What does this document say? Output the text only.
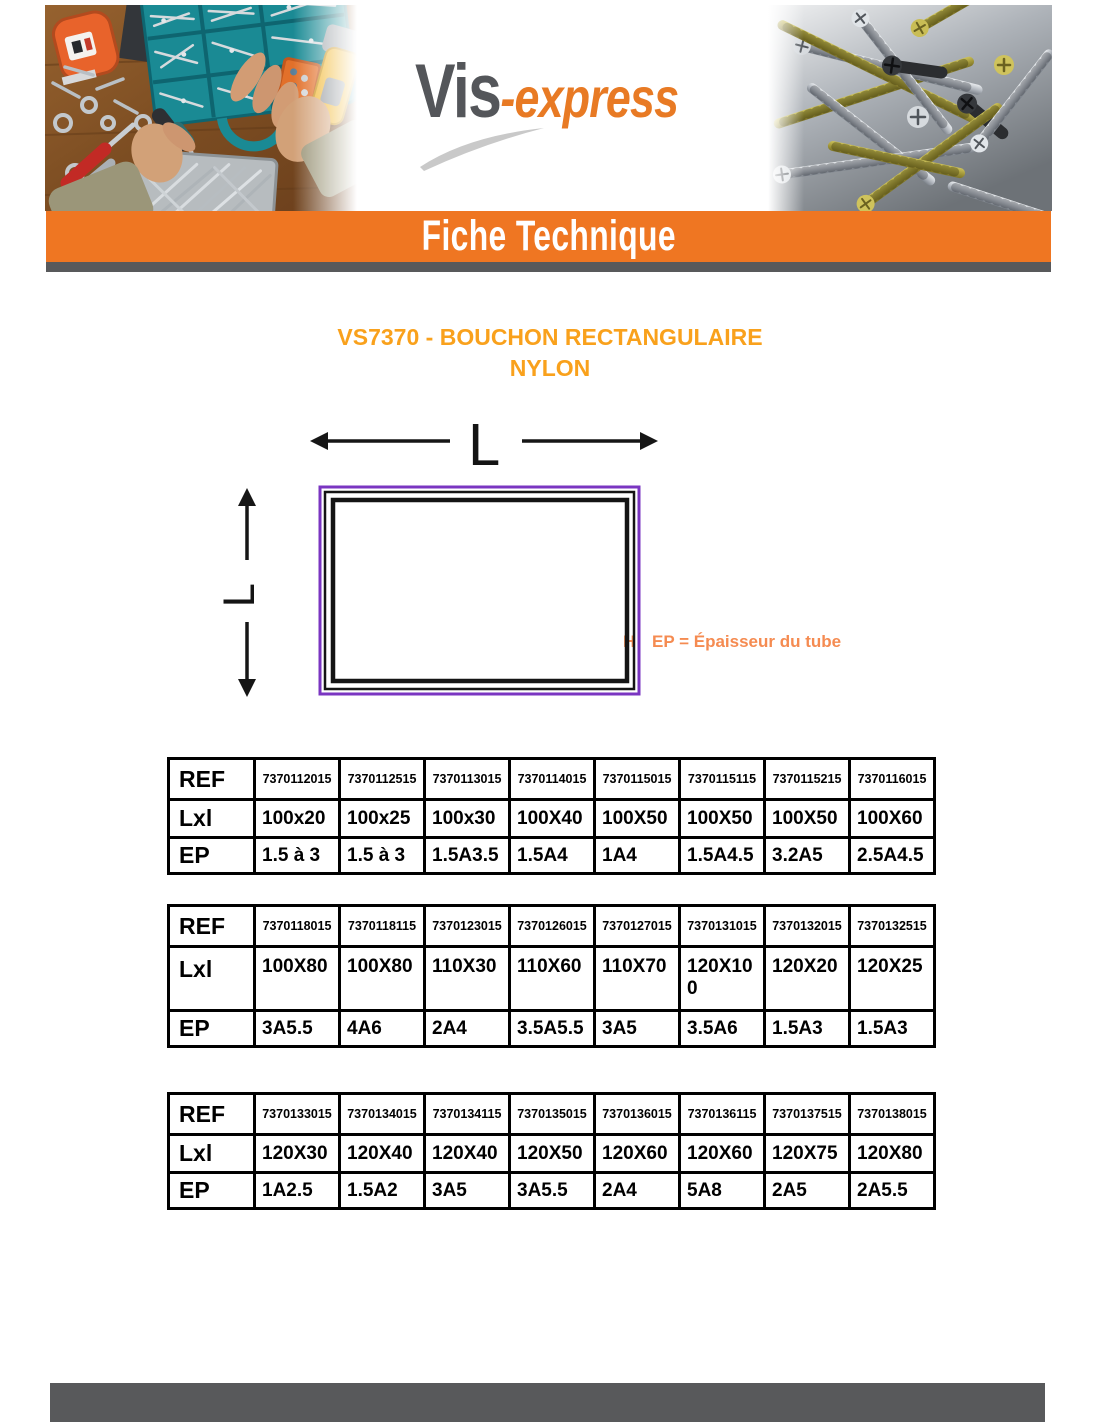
Vis -express
Fiche Technique
VS7370 - BOUCHON RECTANGULAIRE
NYLON
L
L
H EP = Épaisseur du tube
REF	7370112015	7370112515	7370113015	7370114015	7370115015	7370115115	7370115215	7370116015
Lxl	100x20	100x25	100x30	100X40	100X50	100X50	100X50	100X60
EP	1.5 à 3	1.5 à 3	1.5A3.5	1.5A4	1A4	1.5A4.5	3.2A5	2.5A4.5
REF	7370118015	7370118115	7370123015	7370126015	7370127015	7370131015	7370132015	7370132515
Lxl	100X80	100X80	110X30	110X60	110X70	120X100	120X20	120X25
EP	3A5.5	4A6	2A4	3.5A5.5	3A5	3.5A6	1.5A3	1.5A3
REF	7370133015	7370134015	7370134115	7370135015	7370136015	7370136115	7370137515	7370138015
Lxl	120X30	120X40	120X40	120X50	120X60	120X60	120X75	120X80
EP	1A2.5	1.5A2	3A5	3A5.5	2A4	5A8	2A5	2A5.5
